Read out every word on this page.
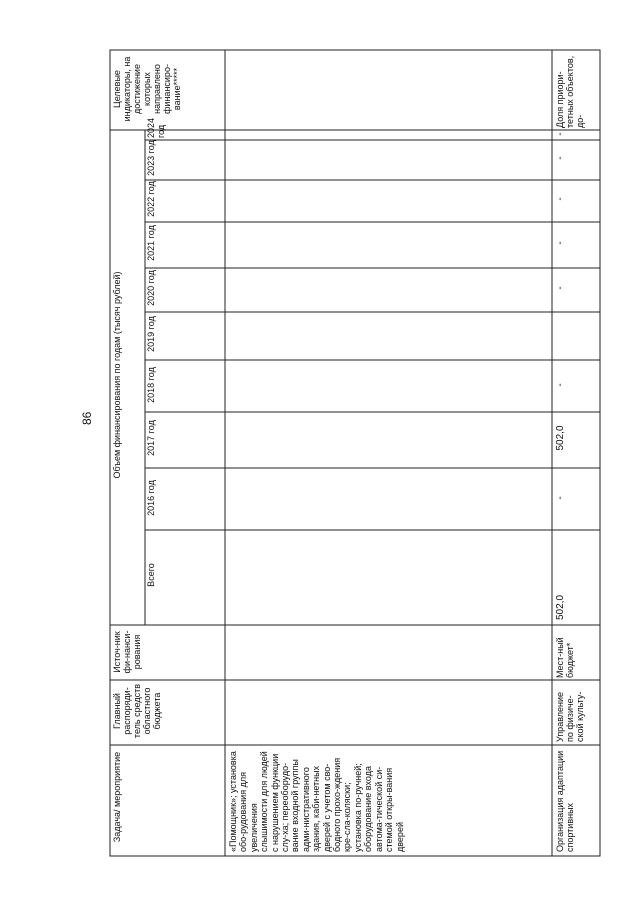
86
Задача/ мероприятие
Главный распоряди-тель средств областного бюджета
Источ-ник фи-нанси-рования
Объем финансирования по годам (тысяч рублей)
Целевые индикаторы, на достижение которых направлено финансиро-вание*****
Всего
2016 год
2017 год
2018 год
2019 год
2020 год
2021 год
2022 год
2023 год
2024 год
«Помощник»; установка обо-рудования для увеличения слышимости для людей с нарушением функции слу-ха; переоборудо-вание входной группы адми-нистративного здания, каби-нетных дверей с учетом сво-бодного прохо-ждения кре-сла-коляски; установка по-ручней; оборудование входа автома-тической си-стемой откры-вания дверей	Организация адаптации спортивных
Управление по физиче-ской культу-
Мест-ный бюджет*
502,0
-
502,0
-
-
-
-
-
-
Доля приори-тетных объектов, до-
